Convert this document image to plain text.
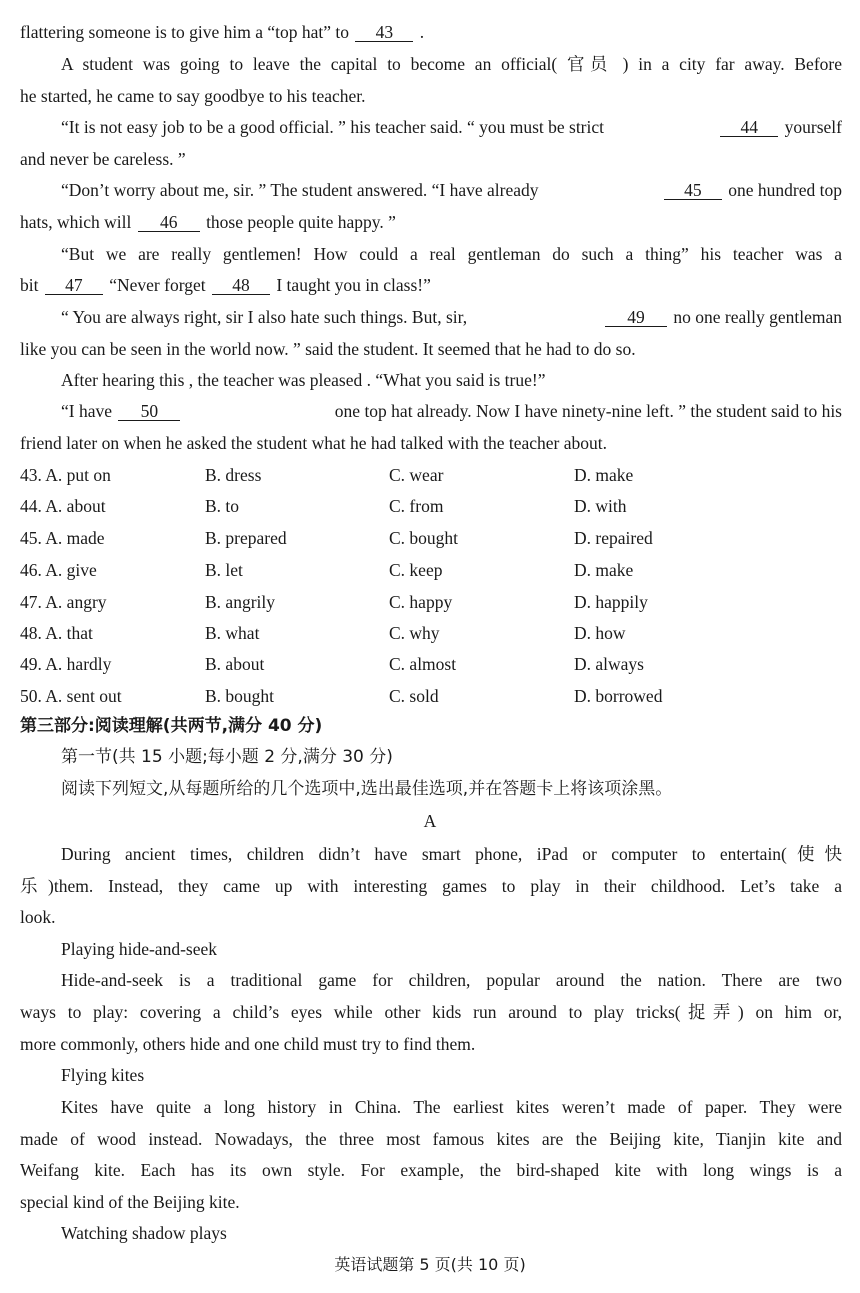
flattering someone is to give him a “top hat” to 43 .
A student was going to leave the capital to become an official( 官员 ) in a city far away. Before
he started, he came to say goodbye to his teacher.
“It is not easy job to be a good official. ” his teacher said. “ you must be strict	44 yourself
and never be careless. ”
“Don’t worry about me, sir. ” The student answered. “I have already	45 one hundred top
hats, which will 46 those people quite happy. ”
“But we are really gentlemen! How could a real gentleman do such a thing” his teacher was a
bit 47 “Never forget 48 I taught you in class!”
“ You are always right, sir I also hate such things. But, sir,	49 no one really gentleman
like you can be seen in the world now. ” said the student. It seemed that he had to do so.
After hearing this , the teacher was pleased . “What you said is true!”
“I have 50	one top hat already. Now I have ninety-nine left. ” the student said to his
friend later on when he asked the student what he had talked with the teacher about.
43. A. put on	B. dress	C. wear	D. make
44. A. about	B. to	C. from	D. with
45. A. made	B. prepared	C. bought	D. repaired
46. A. give	B. let	C. keep	D. make
47. A. angry	B. angrily	C. happy	D. happily
48. A. that	B. what	C. why	D. how
49. A. hardly	B. about	C. almost	D. always
50. A. sent out	B. bought	C. sold	D. borrowed
第三部分:阅读理解(共两节,满分 40 分)
第一节(共 15 小题;每小题 2 分,满分 30 分)
阅读下列短文,从每题所给的几个选项中,选出最佳选项,并在答题卡上将该项涂黑。
A
During ancient times, children didn’t have smart phone, iPad or computer to entertain(使快
乐)them. Instead, they came up with interesting games to play in their childhood. Let’s take a
look.
Playing hide-and-seek
Hide-and-seek is a traditional game for children, popular around the nation. There are two
ways to play: covering a child’s eyes while other kids run around to play tricks(捉弄) on him or,
more commonly, others hide and one child must try to find them.
Flying kites
Kites have quite a long history in China. The earliest kites weren’t made of paper. They were
made of wood instead. Nowadays, the three most famous kites are the Beijing kite, Tianjin kite and
Weifang kite. Each has its own style. For example, the bird-shaped kite with long wings is a
special kind of the Beijing kite.
Watching shadow plays
英语试题第 5 页(共 10 页)
